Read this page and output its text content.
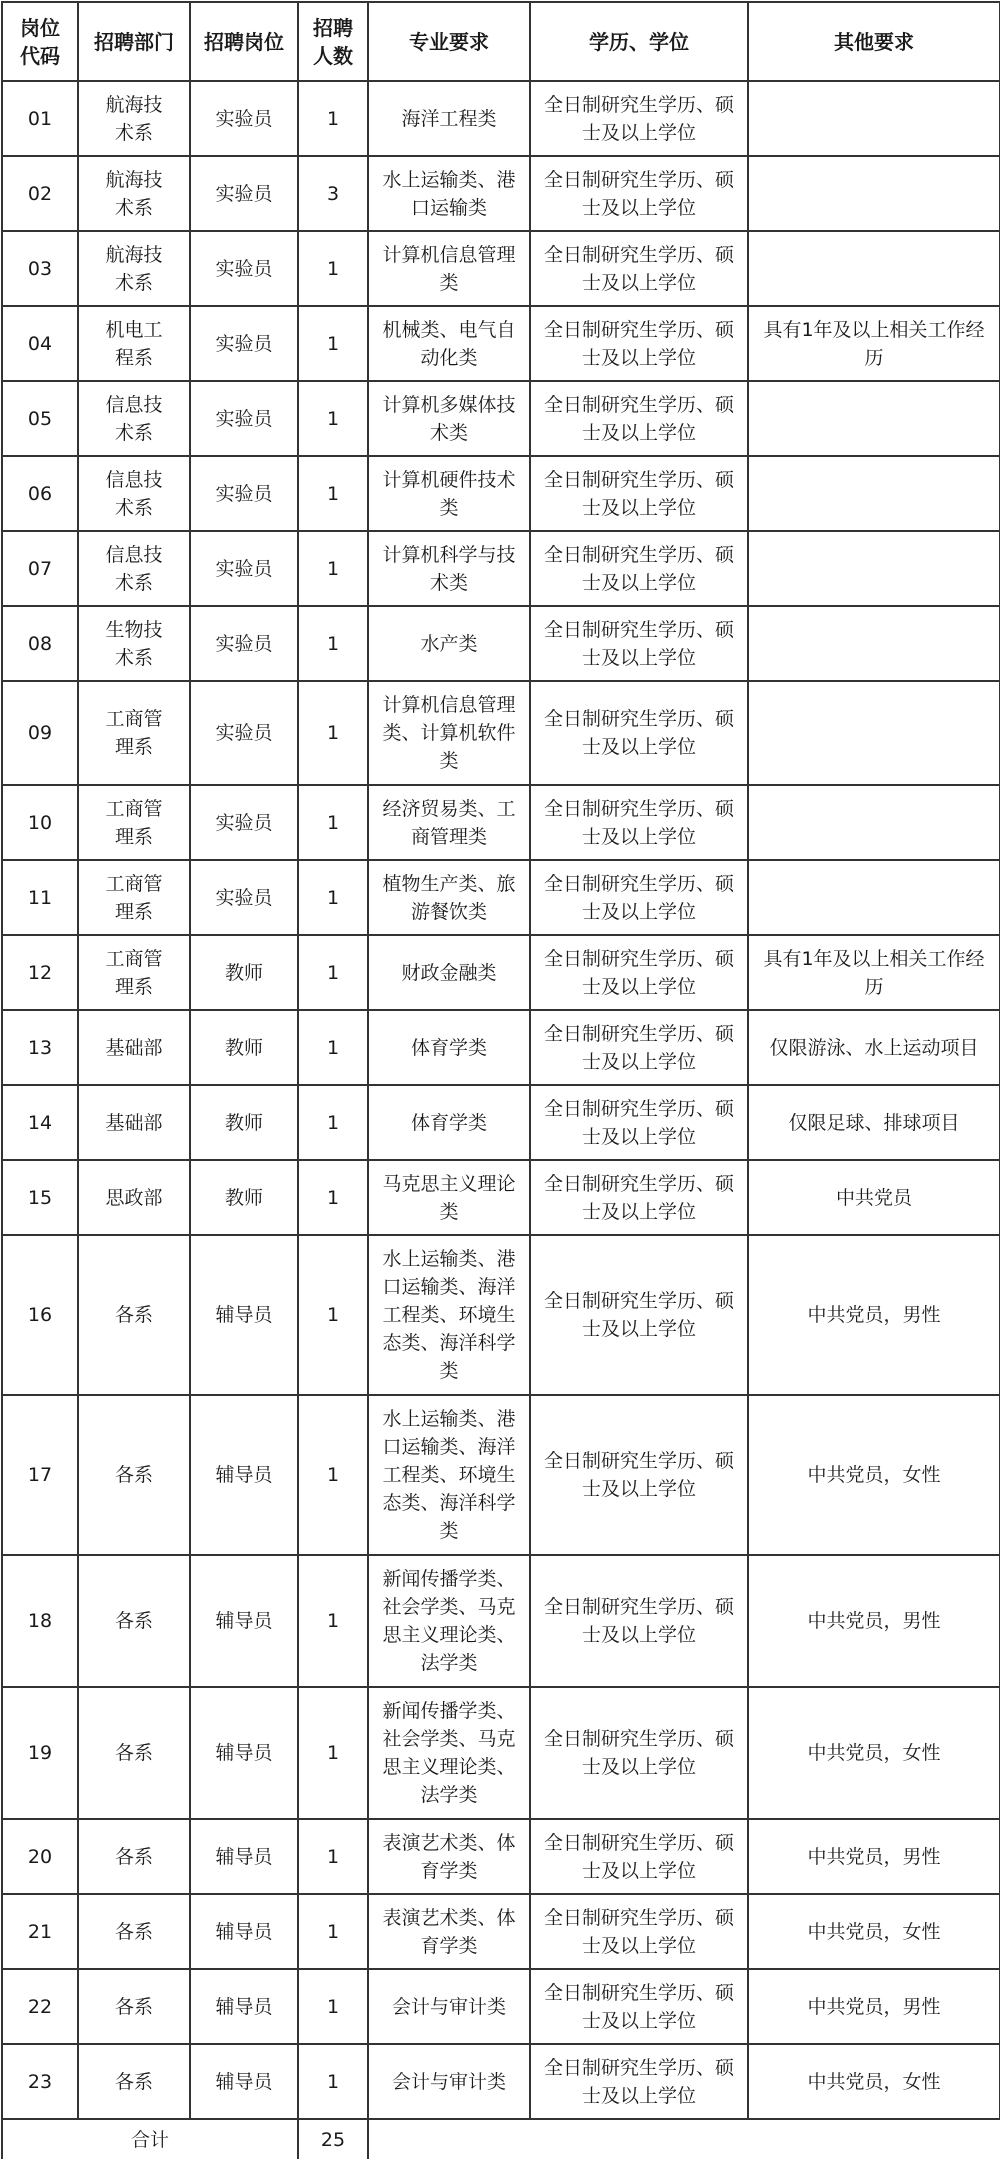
岗位代码	招聘部门	招聘岗位	招聘人数	专业要求	学历、学位	其他要求
01	航海技术系	实验员	1	海洋工程类	全日制研究生学历、硕士及以上学位	
02	航海技术系	实验员	3	水上运输类、港口运输类	全日制研究生学历、硕士及以上学位	
03	航海技术系	实验员	1	计算机信息管理类	全日制研究生学历、硕士及以上学位	
04	机电工程系	实验员	1	机械类、电气自动化类	全日制研究生学历、硕士及以上学位	具有1年及以上相关工作经历
05	信息技术系	实验员	1	计算机多媒体技术类	全日制研究生学历、硕士及以上学位	
06	信息技术系	实验员	1	计算机硬件技术类	全日制研究生学历、硕士及以上学位	
07	信息技术系	实验员	1	计算机科学与技术类	全日制研究生学历、硕士及以上学位	
08	生物技术系	实验员	1	水产类	全日制研究生学历、硕士及以上学位	
09	工商管理系	实验员	1	计算机信息管理类、计算机软件类	全日制研究生学历、硕士及以上学位	
10	工商管理系	实验员	1	经济贸易类、工商管理类	全日制研究生学历、硕士及以上学位	
11	工商管理系	实验员	1	植物生产类、旅游餐饮类	全日制研究生学历、硕士及以上学位	
12	工商管理系	教师	1	财政金融类	全日制研究生学历、硕士及以上学位	具有1年及以上相关工作经历
13	基础部	教师	1	体育学类	全日制研究生学历、硕士及以上学位	仅限游泳、水上运动项目
14	基础部	教师	1	体育学类	全日制研究生学历、硕士及以上学位	仅限足球、排球项目
15	思政部	教师	1	马克思主义理论类	全日制研究生学历、硕士及以上学位	中共党员
16	各系	辅导员	1	水上运输类、港口运输类、海洋工程类、环境生态类、海洋科学类	全日制研究生学历、硕士及以上学位	中共党员，男性
17	各系	辅导员	1	水上运输类、港口运输类、海洋工程类、环境生态类、海洋科学类	全日制研究生学历、硕士及以上学位	中共党员，女性
18	各系	辅导员	1	新闻传播学类、社会学类、马克思主义理论类、法学类	全日制研究生学历、硕士及以上学位	中共党员，男性
19	各系	辅导员	1	新闻传播学类、社会学类、马克思主义理论类、法学类	全日制研究生学历、硕士及以上学位	中共党员，女性
20	各系	辅导员	1	表演艺术类、体育学类	全日制研究生学历、硕士及以上学位	中共党员，男性
21	各系	辅导员	1	表演艺术类、体育学类	全日制研究生学历、硕士及以上学位	中共党员，女性
22	各系	辅导员	1	会计与审计类	全日制研究生学历、硕士及以上学位	中共党员，男性
23	各系	辅导员	1	会计与审计类	全日制研究生学历、硕士及以上学位	中共党员，女性
合计			25			
